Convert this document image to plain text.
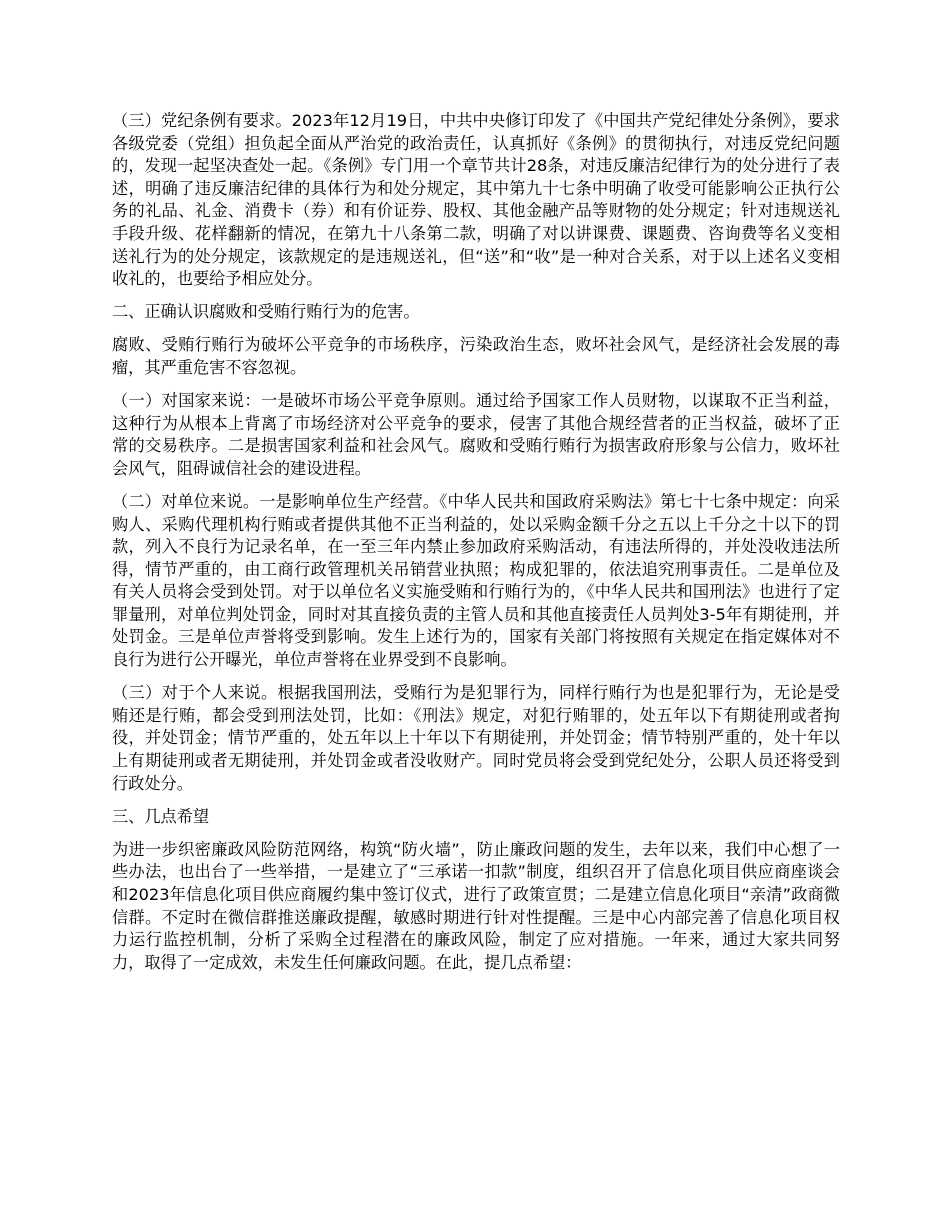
（三）党纪条例有要求。2023年12月19日，中共中央修订印发了《中国共产党纪律处分条例》，要求各级党委（党组）担负起全面从严治党的政治责任，认真抓好《条例》的贯彻执行，对违反党纪问题的，发现一起坚决查处一起。《条例》专门用一个章节共计28条，对违反廉洁纪律行为的处分进行了表述，明确了违反廉洁纪律的具体行为和处分规定，其中第九十七条中明确了收受可能影响公正执行公务的礼品、礼金、消费卡（券）和有价证券、股权、其他金融产品等财物的处分规定；针对违规送礼手段升级、花样翻新的情况，在第九十八条第二款，明确了对以讲课费、课题费、咨询费等名义变相送礼行为的处分规定，该款规定的是违规送礼，但“送”和“收”是一种对合关系，对于以上述名义变相收礼的，也要给予相应处分。

二、正确认识腐败和受贿行贿行为的危害。

腐败、受贿行贿行为破坏公平竞争的市场秩序，污染政治生态，败坏社会风气，是经济社会发展的毒瘤，其严重危害不容忽视。

（一）对国家来说：一是破坏市场公平竞争原则。通过给予国家工作人员财物，以谋取不正当利益，这种行为从根本上背离了市场经济对公平竞争的要求，侵害了其他合规经营者的正当权益，破坏了正常的交易秩序。二是损害国家利益和社会风气。腐败和受贿行贿行为损害政府形象与公信力，败坏社会风气，阻碍诚信社会的建设进程。

（二）对单位来说。一是影响单位生产经营。《中华人民共和国政府采购法》第七十七条中规定：向采购人、采购代理机构行贿或者提供其他不正当利益的，处以采购金额千分之五以上千分之十以下的罚款，列入不良行为记录名单，在一至三年内禁止参加政府采购活动，有违法所得的，并处没收违法所得，情节严重的，由工商行政管理机关吊销营业执照；构成犯罪的，依法追究刑事责任。二是单位及有关人员将会受到处罚。对于以单位名义实施受贿和行贿行为的，《中华人民共和国刑法》也进行了定罪量刑，对单位判处罚金，同时对其直接负责的主管人员和其他直接责任人员判处3-5年有期徒刑，并处罚金。三是单位声誉将受到影响。发生上述行为的，国家有关部门将按照有关规定在指定媒体对不良行为进行公开曝光，单位声誉将在业界受到不良影响。

（三）对于个人来说。根据我国刑法，受贿行为是犯罪行为，同样行贿行为也是犯罪行为，无论是受贿还是行贿，都会受到刑法处罚，比如：《刑法》规定，对犯行贿罪的，处五年以下有期徒刑或者拘役，并处罚金；情节严重的，处五年以上十年以下有期徒刑，并处罚金；情节特别严重的，处十年以上有期徒刑或者无期徒刑，并处罚金或者没收财产。同时党员将会受到党纪处分，公职人员还将受到行政处分。

三、几点希望

为进一步织密廉政风险防范网络，构筑“防火墙”，防止廉政问题的发生，去年以来，我们中心想了一些办法，也出台了一些举措，一是建立了“三承诺一扣款”制度，组织召开了信息化项目供应商座谈会和2023年信息化项目供应商履约集中签订仪式，进行了政策宣贯；二是建立信息化项目“亲清”政商微信群。不定时在微信群推送廉政提醒，敏感时期进行针对性提醒。三是中心内部完善了信息化项目权力运行监控机制，分析了采购全过程潜在的廉政风险，制定了应对措施。一年来，通过大家共同努力，取得了一定成效，未发生任何廉政问题。在此，提几点希望：
